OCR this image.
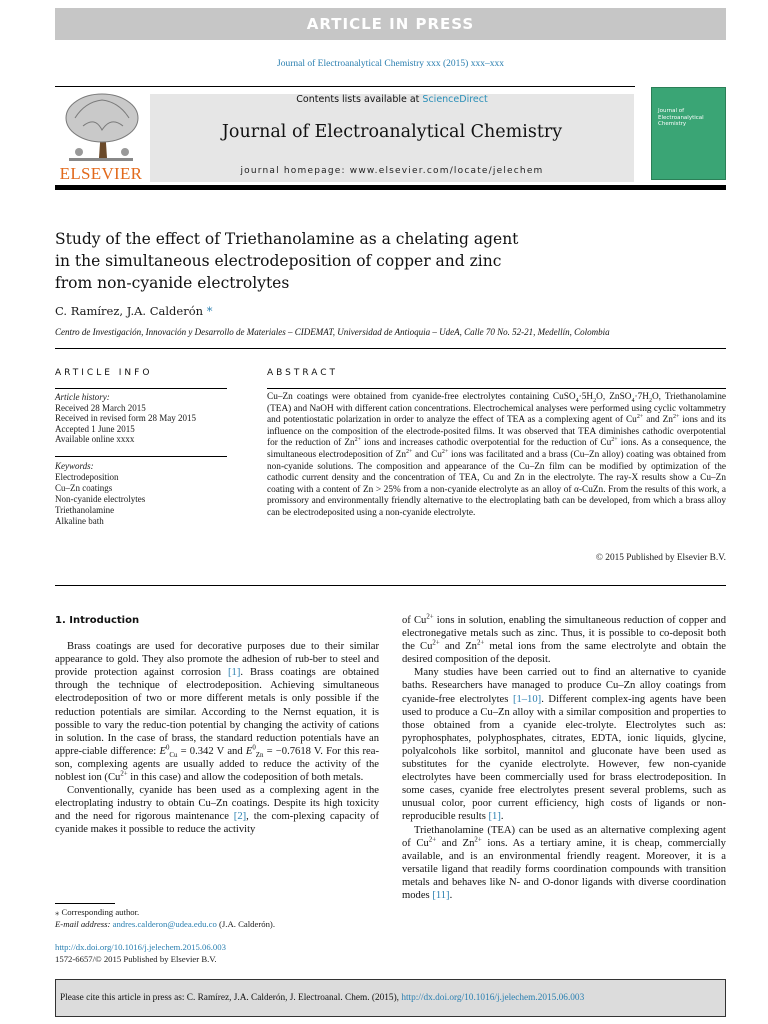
ARTICLE IN PRESS
Journal of Electroanalytical Chemistry xxx (2015) xxx–xxx
ELSEVIER
Contents lists available at ScienceDirect
Journal of Electroanalytical Chemistry
journal homepage: www.elsevier.com/locate/jelechem
Journal of Electroanalytical Chemistry
Study of the effect of Triethanolamine as a chelating agent
in the simultaneous electrodeposition of copper and zinc
from non-cyanide electrolytes
C. Ramírez, J.A. Calderón *
Centro de Investigación, Innovación y Desarrollo de Materiales – CIDEMAT, Universidad de Antioquia – UdeA, Calle 70 No. 52-21, Medellín, Colombia
ARTICLE INFO
Article history:
Received 28 March 2015
Received in revised form 28 May 2015
Accepted 1 June 2015
Available online xxxx
Keywords:
Electrodeposition
Cu–Zn coatings
Non-cyanide electrolytes
Triethanolamine
Alkaline bath
ABSTRACT
Cu–Zn coatings were obtained from cyanide-free electrolytes containing $CuSO_4\cdot 5H_2O$, $ZnSO_4\cdot 7H_2O$, Triethanolamine (TEA) and NaOH with different cation concentrations. Electrochemical analyses were performed using cyclic voltammetry and potentiostatic polarization in order to analyze the effect of TEA as a complexing agent of $Cu^{2+}$ and $Zn^{2+}$ ions and its influence on the composition of the electrode-posited films. It was observed that TEA diminishes cathodic overpotential for the reduction of $Zn^{2+}$ ions and increases cathodic overpotential for the reduction of $Cu^{2+}$ ions. As a consequence, the simultaneous electrodeposition of $Zn^{2+}$ and $Cu^{2+}$ ions was facilitated and a brass (Cu–Zn alloy) coating was obtained from non-cyanide solutions. The composition and appearance of the Cu–Zn film can be modified by optimization of the cathodic current density and the concentration of TEA, Cu and Zn in the electrolyte. The ray-X results show a Cu–Zn coating with a content of Zn > 25% from a non-cyanide electrolyte as an alloy of α-CuZn. From the results of this work, a promissory and environmentally friendly alternative to the electroplating bath can be developed, from which a brass alloy can be electrodeposited using a non-cyanide electrolyte.
© 2015 Published by Elsevier B.V.
1. Introduction

Brass coatings are used for decorative purposes due to their similar appearance to gold. They also promote the adhesion of rub-ber to steel and provide protection against corrosion [1]. Brass coatings are obtained through the technique of electrodeposition. Achieving simultaneous electrodeposition of two or more different metals is only possible if the reduction potentials are similar. According to the Nernst equation, it is possible to vary the reduc-tion potential by changing the activity of cations in solution. In the case of brass, the standard reduction potentials have an appre-ciable difference: $E^0_{Cu} = 0.342$ V and $E^0_{Zn} = -0.7618$ V. For this rea-son, complexing agents are usually added to reduce the activity of the noblest ion ($Cu^{2+}$ in this case) and allow the codeposition of both metals.

Conventionally, cyanide has been used as a complexing agent in the electroplating industry to obtain Cu–Zn coatings. Despite its high toxicity and the need for rigorous maintenance [2], the com-plexing capacity of cyanide makes it possible to reduce the activity

of $Cu^{2+}$ ions in solution, enabling the simultaneous reduction of copper and electronegative metals such as zinc. Thus, it is possible to co-deposit both the $Cu^{2+}$ and $Zn^{2+}$ metal ions from the same electrolyte and obtain the desired composition of the deposit.

Many studies have been carried out to find an alternative to cyanide baths. Researchers have managed to produce Cu–Zn alloy coatings from cyanide-free electrolytes [1–10]. Different complex-ing agents have been used to produce a Cu–Zn alloy with a similar composition and properties to those obtained from a cyanide elec-trolyte. Electrolytes such as: pyrophosphates, polyphosphates, citrates, EDTA, ionic liquids, glycine, polyalcohols like sorbitol, mannitol and gluconate have been used as substitutes for the cyanide electrolyte. However, few non-cyanide electrolytes have been commercially used for brass electrodeposition. In some cases, cyanide free electrolytes present several problems, such as unusual color, poor current efficiency, high costs of ligands or non-reproducible results [1].

Triethanolamine (TEA) can be used as an alternative complexing agent of $Cu^{2+}$ and $Zn^{2+}$ ions. As a tertiary amine, it is cheap, commercially available, and is an environmental friendly reagent. Moreover, it is a versatile ligand that readily forms coordination compounds with transition metals and behaves like N- and O-donor ligands with diverse coordination modes [11].

⁎ Corresponding author.
E-mail address: andres.calderon@udea.edu.co (J.A. Calderón).
http://dx.doi.org/10.1016/j.jelechem.2015.06.003
1572-6657/© 2015 Published by Elsevier B.V.
Please cite this article in press as: C. Ramírez, J.A. Calderón, J. Electroanal. Chem. (2015), http://dx.doi.org/10.1016/j.jelechem.2015.06.003
